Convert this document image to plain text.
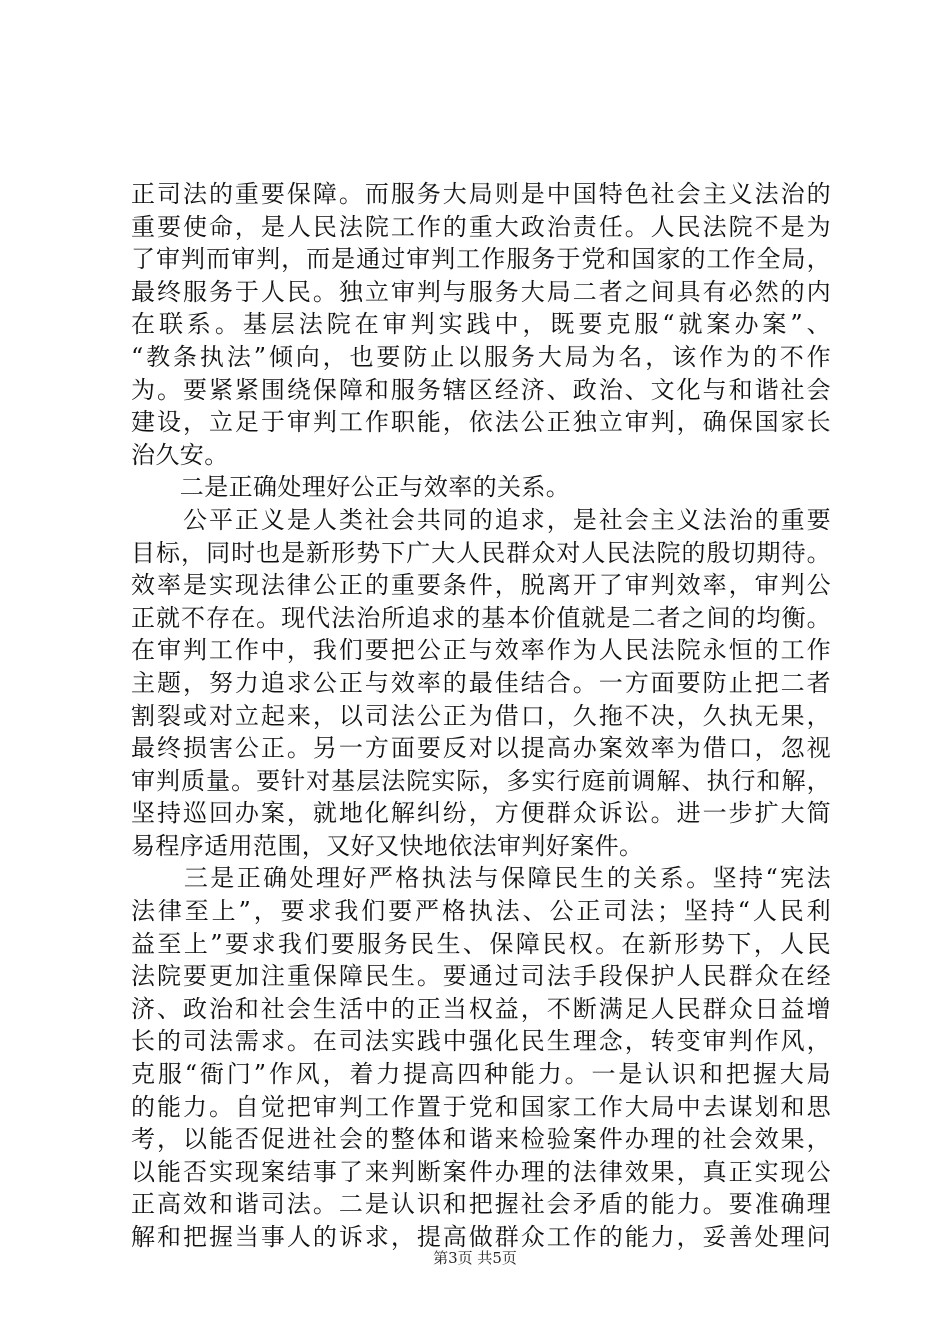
正司法的重要保障。而服务大局则是中国特色社会主义法治的
重要使命，是人民法院工作的重大政治责任。人民法院不是为
了审判而审判，而是通过审判工作服务于党和国家的工作全局，
最终服务于人民。独立审判与服务大局二者之间具有必然的内
在联系。基层法院在审判实践中，既要克服“就案办案”、
“教条执法”倾向，也要防止以服务大局为名，该作为的不作
为。要紧紧围绕保障和服务辖区经济、政治、文化与和谐社会
建设，立足于审判工作职能，依法公正独立审判，确保国家长
治久安。
　　二是正确处理好公正与效率的关系。
　　公平正义是人类社会共同的追求，是社会主义法治的重要
目标，同时也是新形势下广大人民群众对人民法院的殷切期待。
效率是实现法律公正的重要条件，脱离开了审判效率，审判公
正就不存在。现代法治所追求的基本价值就是二者之间的均衡。
在审判工作中，我们要把公正与效率作为人民法院永恒的工作
主题，努力追求公正与效率的最佳结合。一方面要防止把二者
割裂或对立起来，以司法公正为借口，久拖不决，久执无果，
最终损害公正。另一方面要反对以提高办案效率为借口，忽视
审判质量。要针对基层法院实际，多实行庭前调解、执行和解，
坚持巡回办案，就地化解纠纷，方便群众诉讼。进一步扩大简
易程序适用范围，又好又快地依法审判好案件。
　　三是正确处理好严格执法与保障民生的关系。坚持“宪法
法律至上”，要求我们要严格执法、公正司法；坚持“人民利
益至上”要求我们要服务民生、保障民权。在新形势下，人民
法院要更加注重保障民生。要通过司法手段保护人民群众在经
济、政治和社会生活中的正当权益，不断满足人民群众日益增
长的司法需求。在司法实践中强化民生理念，转变审判作风，
克服“衙门”作风，着力提高四种能力。一是认识和把握大局
的能力。自觉把审判工作置于党和国家工作大局中去谋划和思
考，以能否促进社会的整体和谐来检验案件办理的社会效果，
以能否实现案结事了来判断案件办理的法律效果，真正实现公
正高效和谐司法。二是认识和把握社会矛盾的能力。要准确理
解和把握当事人的诉求，提高做群众工作的能力，妥善处理问
第3页 共5页
